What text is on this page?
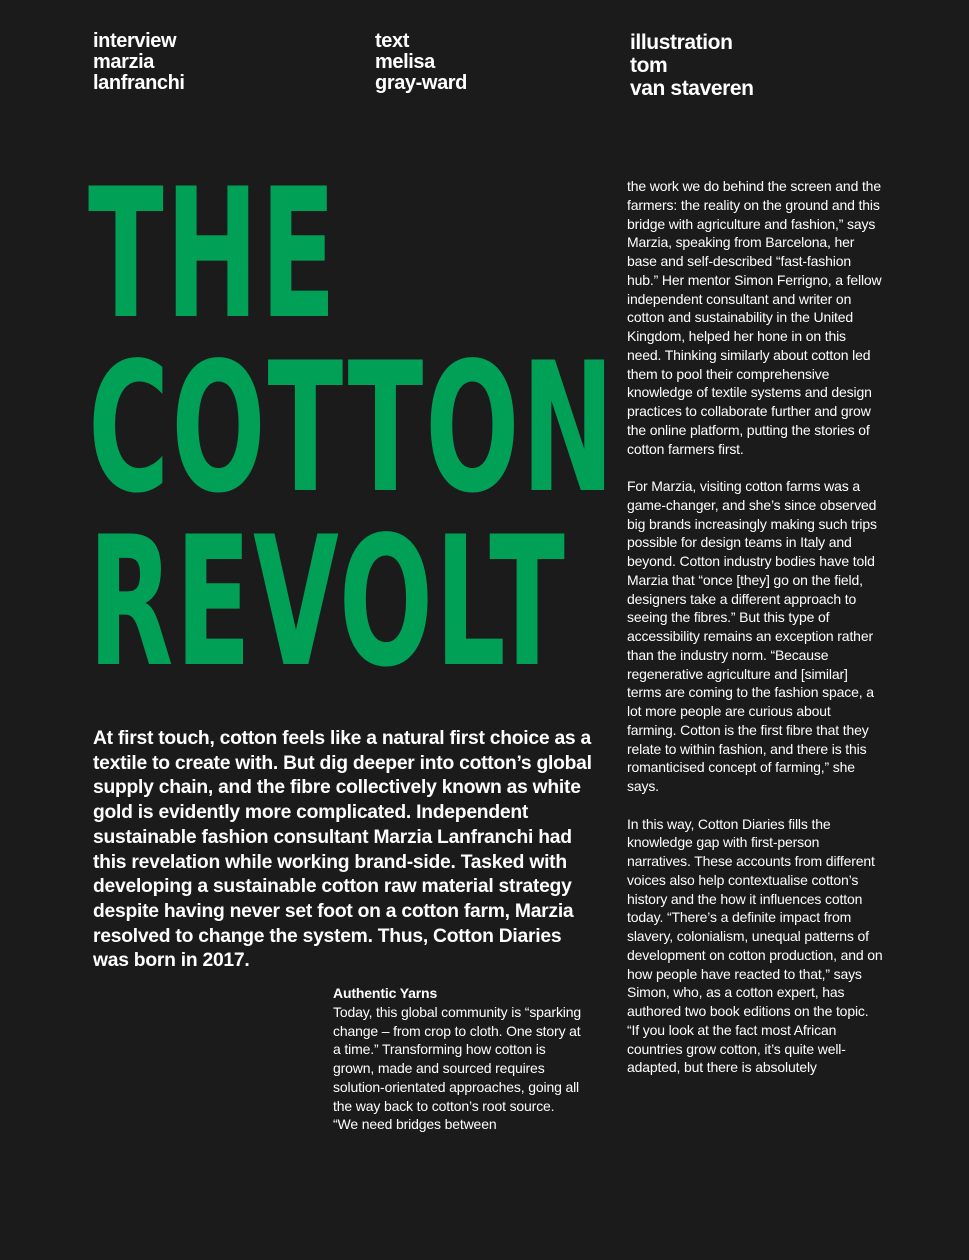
interview
marzia
lanfranchi
text
melisa
gray-ward
illustration
tom
van staveren
THE
COTTON
REVOLT

At first touch, cotton feels like a natural first choice as a textile to create with. But dig deeper into cotton’s global supply chain, and the fibre collectively known as white gold is evidently more complicated. Independent sustainable fashion consultant Marzia Lanfranchi had this revelation while working brand-side. Tasked with developing a sustainable cotton raw material strategy despite having never set foot on a cotton farm, Marzia resolved to change the system. Thus, Cotton Diaries was born in 2017.

Authentic Yarns
Today, this global community is “sparking change – from crop to cloth. One story at a time.” Transforming how cotton is grown, made and sourced requires solution-orientated approaches, going all the way back to cotton’s root source. “We need bridges between

the work we do behind the screen and the farmers: the reality on the ground and this bridge with agriculture and fashion,” says Marzia, speaking from Barcelona, her base and self-described “fast-fashion hub.” Her mentor Simon Ferrigno, a fellow independent consultant and writer on cotton and sustainability in the United Kingdom, helped her hone in on this need. Thinking similarly about cotton led them to pool their comprehensive knowledge of textile systems and design practices to collaborate further and grow the online platform, putting the stories of cotton farmers first.

For Marzia, visiting cotton farms was a game-changer, and she’s since observed big brands increasingly making such trips possible for design teams in Italy and beyond. Cotton industry bodies have told Marzia that “once [they] go on the field, designers take a different approach to seeing the fibres.” But this type of accessibility remains an exception rather than the industry norm. “Because regenerative agriculture and [similar] terms are coming to the fashion space, a lot more people are curious about farming. Cotton is the first fibre that they relate to within fashion, and there is this romanticised concept of farming,” she says.

In this way, Cotton Diaries fills the knowledge gap with first-person narratives. These accounts from different voices also help contextualise cotton’s history and the how it influences cotton today. “There’s a definite impact from slavery, colonialism, unequal patterns of development on cotton production, and on how people have reacted to that,” says Simon, who, as a cotton expert, has authored two book editions on the topic. “If you look at the fact most African countries grow cotton, it’s quite well-adapted, but there is absolutely
